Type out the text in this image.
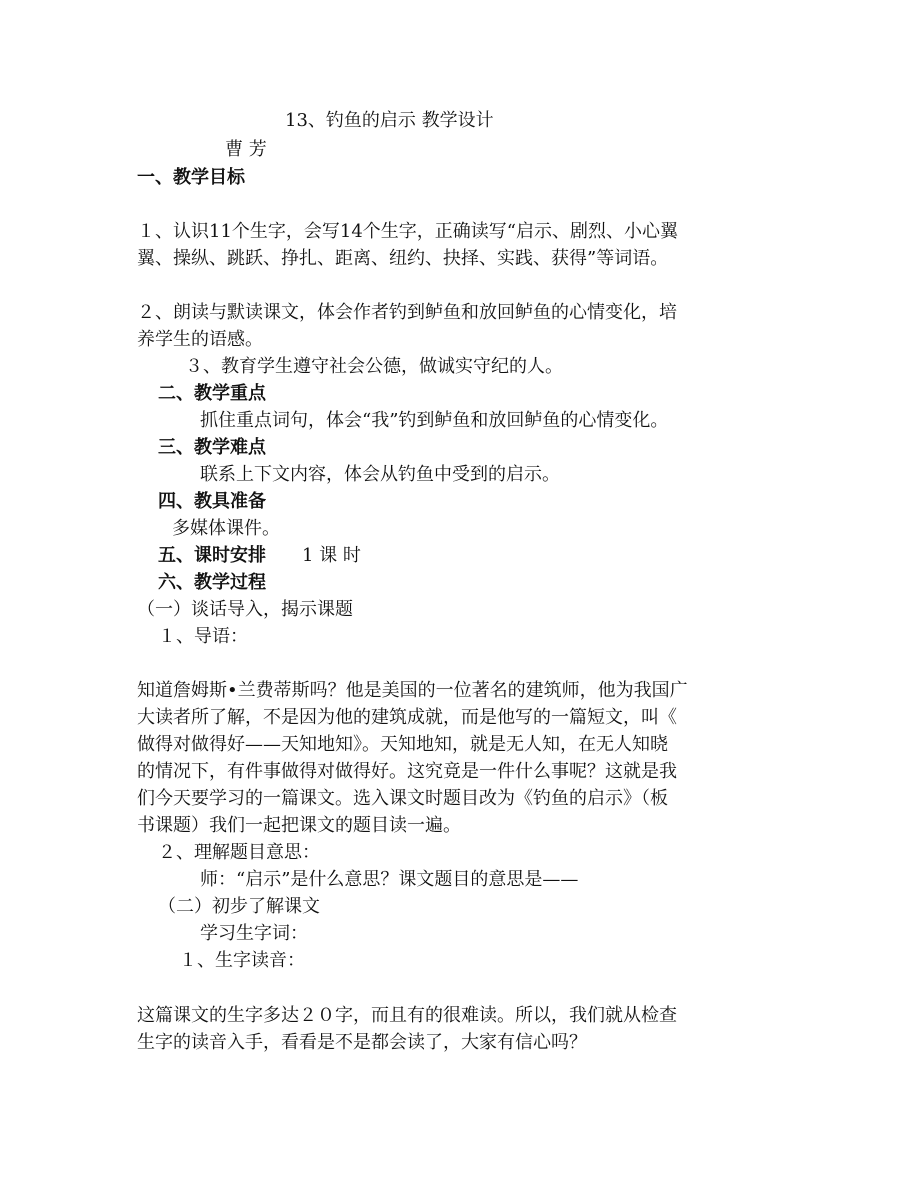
13、钓鱼的启示 教学设计
曹 芳
一、教学目标
１、认识11个生字，会写14个生字，正确读写“启示、剧烈、小心翼
翼、操纵、跳跃、挣扎、距离、纽约、抉择、实践、获得”等词语。
２、朗读与默读课文，体会作者钓到鲈鱼和放回鲈鱼的心情变化，培
养学生的语感。
３、教育学生遵守社会公德，做诚实守纪的人。
二、教学重点
抓住重点词句，体会“我”钓到鲈鱼和放回鲈鱼的心情变化。
三、教学难点
联系上下文内容，体会从钓鱼中受到的启示。
四、教具准备
多媒体课件。
五、课时安排 1 课 时
六、教学过程
（一）谈话导入，揭示课题
１、导语：
知道詹姆斯•兰费蒂斯吗？他是美国的一位著名的建筑师，他为我国广
大读者所了解，不是因为他的建筑成就，而是他写的一篇短文，叫《
做得对做得好——天知地知》。天知地知，就是无人知，在无人知晓
的情况下，有件事做得对做得好。这究竟是一件什么事呢？这就是我
们今天要学习的一篇课文。选入课文时题目改为《钓鱼的启示》（板
书课题）我们一起把课文的题目读一遍。
２、理解题目意思：
师：“启示”是什么意思？课文题目的意思是——
（二）初步了解课文
学习生字词：
１、生字读音：
这篇课文的生字多达２０字，而且有的很难读。所以，我们就从检查
生字的读音入手，看看是不是都会读了，大家有信心吗？
